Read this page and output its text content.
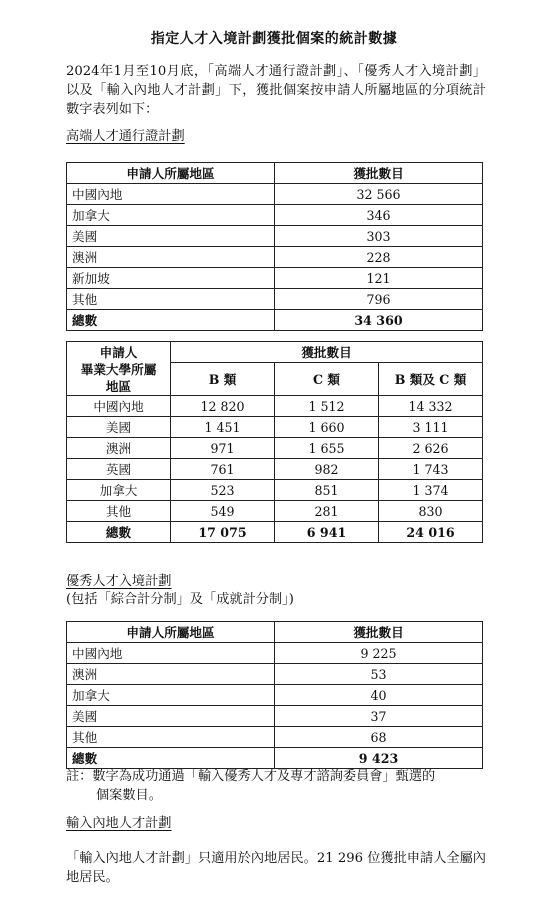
指定人才入境計劃獲批個案的統計數據
2024年1月至10月底，「高端人才通行證計劃」、「優秀人才入境計劃」以及「輸入內地人才計劃」下，獲批個案按申請人所屬地區的分項統計數字表列如下：
高端人才通行證計劃
申請人所屬地區	獲批數目
中國內地	32 566
加拿大	346
美國	303
澳洲	228
新加坡	121
其他	796
總數	34 360
申請人
畢業大學所屬
地區	獲批數目		
	B 類	C 類	B 類及 C 類
中國內地	12 820	1 512	14 332
美國	1 451	1 660	3 111
澳洲	971	1 655	2 626
英國	761	982	1 743
加拿大	523	851	1 374
其他	549	281	830
總數	17 075	6 941	24 016
優秀人才入境計劃
(包括「綜合計分制」及「成就計分制」)
申請人所屬地區	獲批數目
中國內地	9 225
澳洲	53
加拿大	40
美國	37
其他	68
總數	9 423
註：數字為成功通過「輸入優秀人才及專才諮詢委員會」甄選的
個案數目。
輸入內地人才計劃
「輸入內地人才計劃」只適用於內地居民。21 296 位獲批申請人全屬內地居民。
